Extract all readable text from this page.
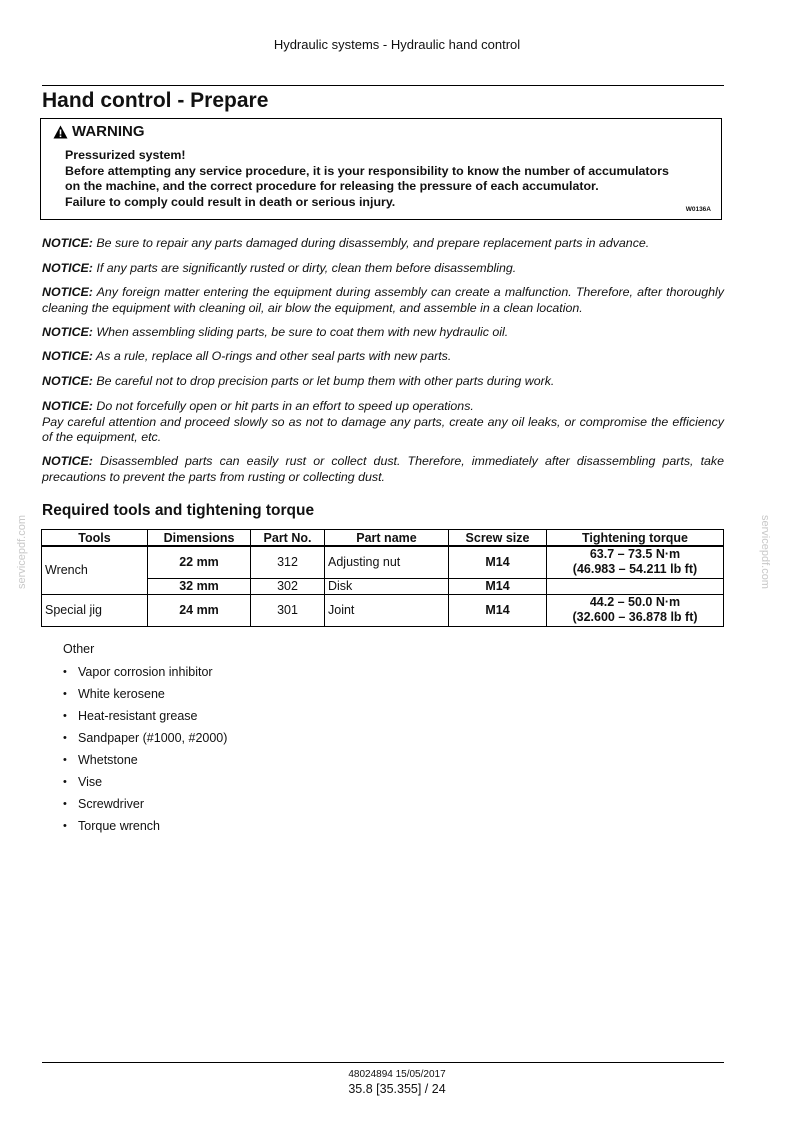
Hydraulic systems - Hydraulic hand control
Hand control - Prepare
WARNING
Pressurized system!
Before attempting any service procedure, it is your responsibility to know the number of accumulators
on the machine, and the correct procedure for releasing the pressure of each accumulator.
Failure to comply could result in death or serious injury.
W0136A
NOTICE: Be sure to repair any parts damaged during disassembly, and prepare replacement parts in advance.
NOTICE: If any parts are significantly rusted or dirty, clean them before disassembling.
NOTICE: Any foreign matter entering the equipment during assembly can create a malfunction. Therefore, after thoroughly cleaning the equipment with cleaning oil, air blow the equipment, and assemble in a clean location.
NOTICE: When assembling sliding parts, be sure to coat them with new hydraulic oil.
NOTICE: As a rule, replace all O-rings and other seal parts with new parts.
NOTICE: Be careful not to drop precision parts or let bump them with other parts during work.
NOTICE: Do not forcefully open or hit parts in an effort to speed up operations.
Pay careful attention and proceed slowly so as not to damage any parts, create any oil leaks, or compromise the efficiency of the equipment, etc.
NOTICE: Disassembled parts can easily rust or collect dust. Therefore, immediately after disassembling parts, take precautions to prevent the parts from rusting or collecting dust.
Required tools and tightening torque
Tools	Dimensions	Part No.	Part name	Screw size	Tightening torque
Wrench	22 mm	312	Adjusting nut	M14	63.7 – 73.5 N·m
(46.983 – 54.211 lb ft)

	32 mm	302	Disk	M14	
Special jig	24 mm	301	Joint	M14	44.2 – 50.0 N·m
(32.600 – 36.878 lb ft)
Other
• Vapor corrosion inhibitor
• White kerosene
• Heat-resistant grease
• Sandpaper (#1000, #2000)
• Whetstone
• Vise
• Screwdriver
• Torque wrench
servicepdf.com	servicepdf.com
48024894 15/05/2017
35.8 [35.355] / 24
